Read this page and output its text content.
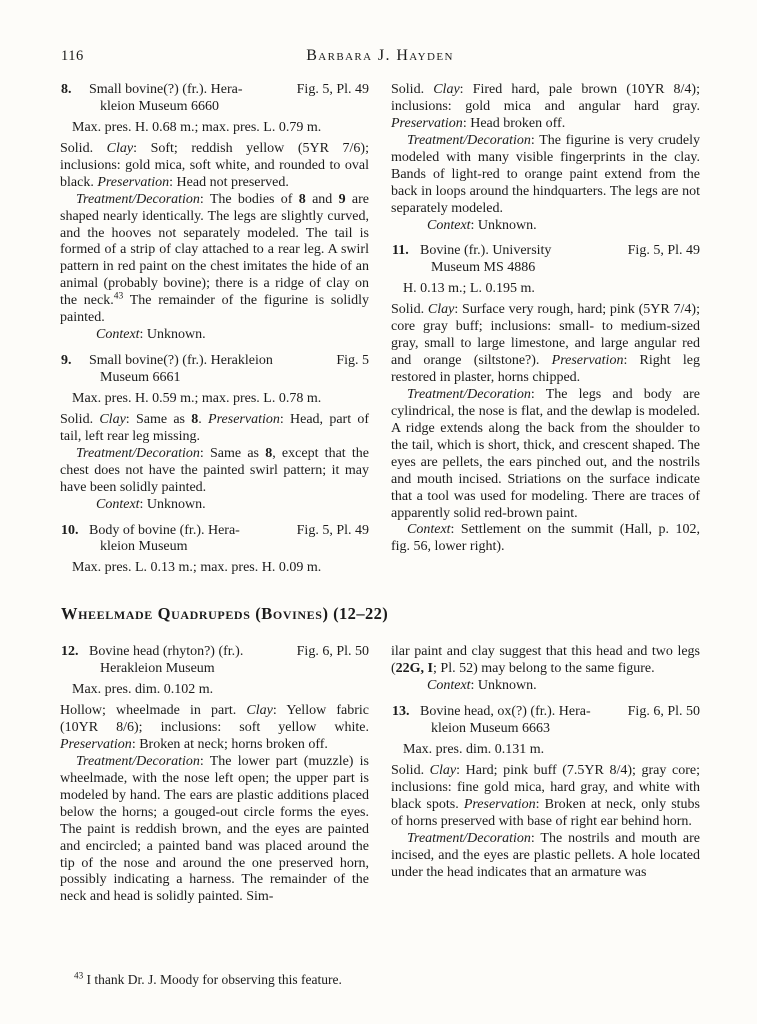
116	Barbara J. Hayden
8.	Small bovine(?) (fr.). Hera-
kleion Museum 6660
Fig. 5, Pl. 49
Max. pres. H. 0.68 m.; max. pres. L. 0.79 m.
Solid. Clay: Soft; reddish yellow (5YR 7/6); inclusions: gold mica, soft white, and rounded to oval black. Preservation: Head not preserved.
Treatment/Decoration: The bodies of 8 and 9 are shaped nearly identically. The legs are slightly curved, and the hooves not separately modeled. The tail is formed of a strip of clay attached to a rear leg. A swirl pattern in red paint on the chest imitates the hide of an animal (probably bovine); there is a ridge of clay on the neck.$^{43}$ The remainder of the figurine is solidly painted.
Context: Unknown.
9.	Small bovine(?) (fr.). Herakleion
Museum 6661
Fig. 5
Max. pres. H. 0.59 m.; max. pres. L. 0.78 m.
Solid. Clay: Same as 8. Preservation: Head, part of tail, left rear leg missing.
Treatment/Decoration: Same as 8, except that the chest does not have the painted swirl pattern; it may have been solidly painted.
Context: Unknown.
10. Body of bovine (fr.). Hera-
kleion Museum
Fig. 5, Pl. 49
Max. pres. L. 0.13 m.; max. pres. H. 0.09 m.
Solid. Clay: Fired hard, pale brown (10YR 8/4); inclusions: gold mica and angular hard gray. Preservation: Head broken off.
Treatment/Decoration: The figurine is very crudely modeled with many visible fingerprints in the clay. Bands of light-red to orange paint extend from the back in loops around the hindquarters. The legs are not separately modeled.
Context: Unknown.
11. Bovine (fr.). University
Museum MS 4886
Fig. 5, Pl. 49
H. 0.13 m.; L. 0.195 m.
Solid. Clay: Surface very rough, hard; pink (5YR 7/4); core gray buff; inclusions: small- to medium-sized gray, small to large limestone, and large angular red and orange (siltstone?). Preservation: Right leg restored in plaster, horns chipped.
Treatment/Decoration: The legs and body are cylindrical, the nose is flat, and the dewlap is modeled. A ridge extends along the back from the shoulder to the tail, which is short, thick, and crescent shaped. The eyes are pellets, the ears pinched out, and the nostrils and mouth incised. Striations on the surface indicate that a tool was used for modeling. There are traces of apparently solid red-brown paint.
Context: Settlement on the summit (Hall, p. 102, fig. 56, lower right).
Wheelmade Quadrupeds (Bovines) (12–22)
12. Bovine head (rhyton?) (fr.).
Herakleion Museum
Fig. 6, Pl. 50
Max. pres. dim. 0.102 m.
Hollow; wheelmade in part. Clay: Yellow fabric (10YR 8/6); inclusions: soft yellow white. Preservation: Broken at neck; horns broken off.
Treatment/Decoration: The lower part (muzzle) is wheelmade, with the nose left open; the upper part is modeled by hand. The ears are plastic additions placed below the horns; a gouged-out circle forms the eyes. The paint is reddish brown, and the eyes are painted and encircled; a painted band was placed around the tip of the nose and around the one preserved horn, possibly indicating a harness. The remainder of the neck and head is solidly painted. Sim-
ilar paint and clay suggest that this head and two legs (22G, I; Pl. 52) may belong to the same figure.
Context: Unknown.
13. Bovine head, ox(?) (fr.). Hera-
kleion Museum 6663
Fig. 6, Pl. 50
Max. pres. dim. 0.131 m.
Solid. Clay: Hard; pink buff (7.5YR 8/4); gray core; inclusions: fine gold mica, hard gray, and white with black spots. Preservation: Broken at neck, only stubs of horns preserved with base of right ear behind horn.
Treatment/Decoration: The nostrils and mouth are incised, and the eyes are plastic pellets. A hole located under the head indicates that an armature was
$^{43}$ I thank Dr. J. Moody for observing this feature.
